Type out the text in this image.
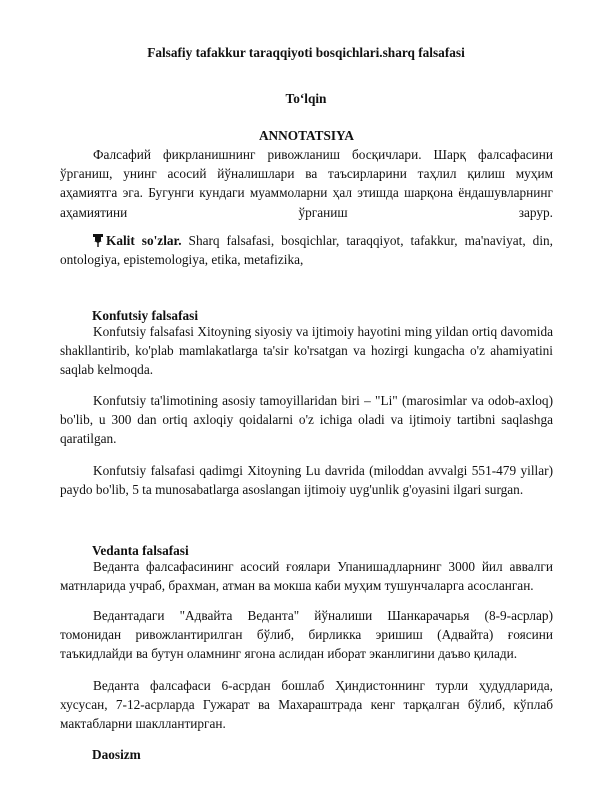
Falsafiy tafakkur taraqqiyoti bosqichlari.sharq falsafasi
To‘lqin
ANNOTATSIYA

Фалсафий фикрланишнинг ривожланиш босқичлари. Шарқ фалсафасини ўрганиш, унинг асосий йўналишлари ва таъсирларини таҳлил қилиш муҳим аҳамиятга эга. Бугунги кундаги муаммоларни ҳал этишда шарқона ёндашувларнинг

аҳамиятини ўрганиш зарур.

Kalit so'zlar. Sharq falsafasi, bosqichlar, taraqqiyot, tafakkur, ma'naviyat, din, ontologiya, epistemologiya, etika, metafizika,

Konfutsiy falsafasi

Konfutsiy falsafasi Xitoyning siyosiy va ijtimoiy hayotini ming yildan ortiq davomida shakllantirib, ko'plab mamlakatlarga ta'sir ko'rsatgan va hozirgi kungacha o'z ahamiyatini saqlab kelmoqda.

Konfutsiy ta'limotining asosiy tamoyillaridan biri – "Li" (marosimlar va odob-axloq) bo'lib, u 300 dan ortiq axloqiy qoidalarni o'z ichiga oladi va ijtimoiy tartibni saqlashga qaratilgan.

Konfutsiy falsafasi qadimgi Xitoyning Lu davrida (miloddan avvalgi 551-479 yillar) paydo bo'lib, 5 ta munosabatlarga asoslangan ijtimoiy uyg'unlik g'oyasini ilgari surgan.

Vedanta falsafasi

Веданта фалсафасининг асосий ғоялари Упанишадларнинг 3000 йил аввалги матнларида учраб, брахман, атман ва мокша каби муҳим тушунчаларга асосланган.

Ведантадаги "Адвайта Веданта" йўналиши Шанкарачарья (8-9-асрлар) томонидан ривожлантирилган бўлиб, бирликка эришиш (Адвайта) ғоясини таъкидлайди ва бутун оламнинг ягона аслидан иборат эканлигини даъво қилади.

Веданта фалсафаси 6-асрдан бошлаб Ҳиндистоннинг турли ҳудудларида, хусусан, 7-12-асрларда Гужарат ва Махараштрада кенг тарқалган бўлиб, кўплаб мактабларни шакллантирган.

Daosizm
